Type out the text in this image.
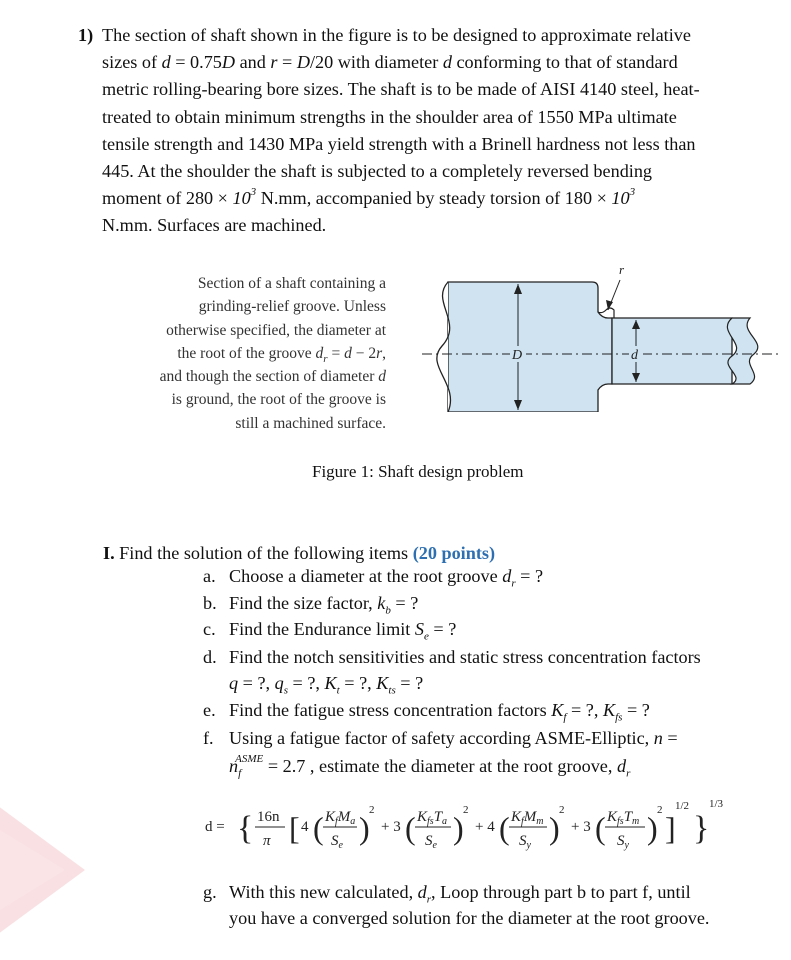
1) The section of shaft shown in the figure is to be designed to approximate relative
sizes of d = 0.75D and r = D/20 with diameter d conforming to that of standard
metric rolling-bearing bore sizes. The shaft is to be made of AISI 4140 steel, heat-
treated to obtain minimum strengths in the shoulder area of 1550 MPa ultimate
tensile strength and 1430 MPa yield strength with a Brinell hardness not less than
445. At the shoulder the shaft is subjected to a completely reversed bending
moment of $280 \times 10^3$ N.mm, accompanied by steady torsion of $180 \times 10^3$
N.mm. Surfaces are machined.
Section of a shaft containing a
grinding-relief groove. Unless
otherwise specified, the diameter at
the root of the groove $d_r = d - 2r$,
and though the section of diameter d
is ground, the root of the groove is
still a machined surface.
D	d
r
Figure 1: Shaft design problem
I. Find the solution of the following items (20 points)
a. Choose a diameter at the root groove $d_r$ = ?
b. Find the size factor, $k_b$ = ?
c. Find the Endurance limit $S_e$ = ?
d. Find the notch sensitivities and static stress concentration factors
q = ?, $q_s$ = ?, $K_t$ = ?, $K_{ts}$ = ?
e. Find the fatigue stress concentration factors $K_f$ = ?, $K_{fs}$ = ?
f. Using a fatigue factor of safety according ASME-Elliptic, n =
$n_f^{ASME} = 2.7$ , estimate the diameter at the root groove, $d_r$
d = { 16n
π [ 4 ( $K_fM_a$
$S_e$ ) 2
+ 3 ( $K_{fs}T_a$
$S_e$ ) 2
+ 4 ( $K_fM_m$
$S_y$ ) 2
+ 3 ( $K_{fs}T_m$
$S_y$ ) 2 ]
1/2
}
1/3
g. With this new calculated, $d_r$, Loop through part b to part f, until
you have a converged solution for the diameter at the root groove.
